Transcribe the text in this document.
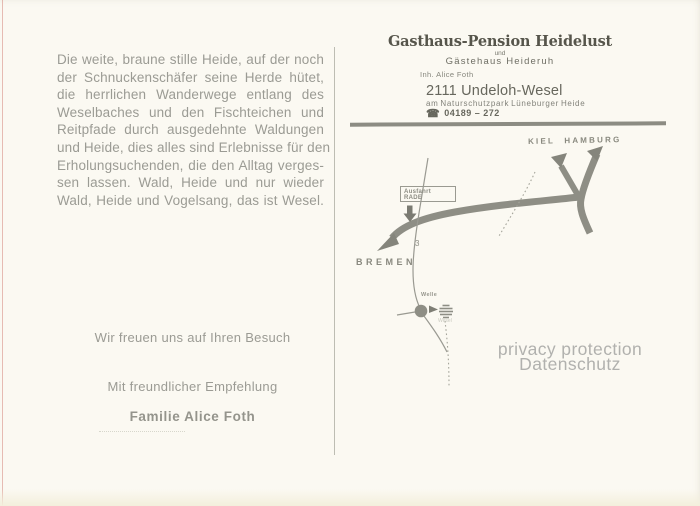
Die weite, braune stille Heide, auf der noch
der Schnuckenschäfer seine Herde hütet,
die herrlichen Wanderwege entlang des
Weselbaches und den Fischteichen und
Reitpfade durch ausgedehnte Waldungen
und Heide, dies alles sind Erlebnisse für den
Erholungsuchenden, die den Alltag verges-
sen lassen. Wald, Heide und nur wieder
Wald, Heide und Vogelsang, das ist Wesel.
Wir freuen uns auf Ihren Besuch
Mit freundlicher Empfehlung
Familie Alice Foth
Gasthaus-Pension Heidelust
und
Gästehaus Heideruh
Inh. Alice Foth
2111 Undeloh-Wesel
am Naturschutzpark Lüneburger Heide
☎ 04189 – 272
KIEL HAMBURG
BREMEN
Ausfahrt
RADE
3
Welle
Wesel
privacy protection
Datenschutz
